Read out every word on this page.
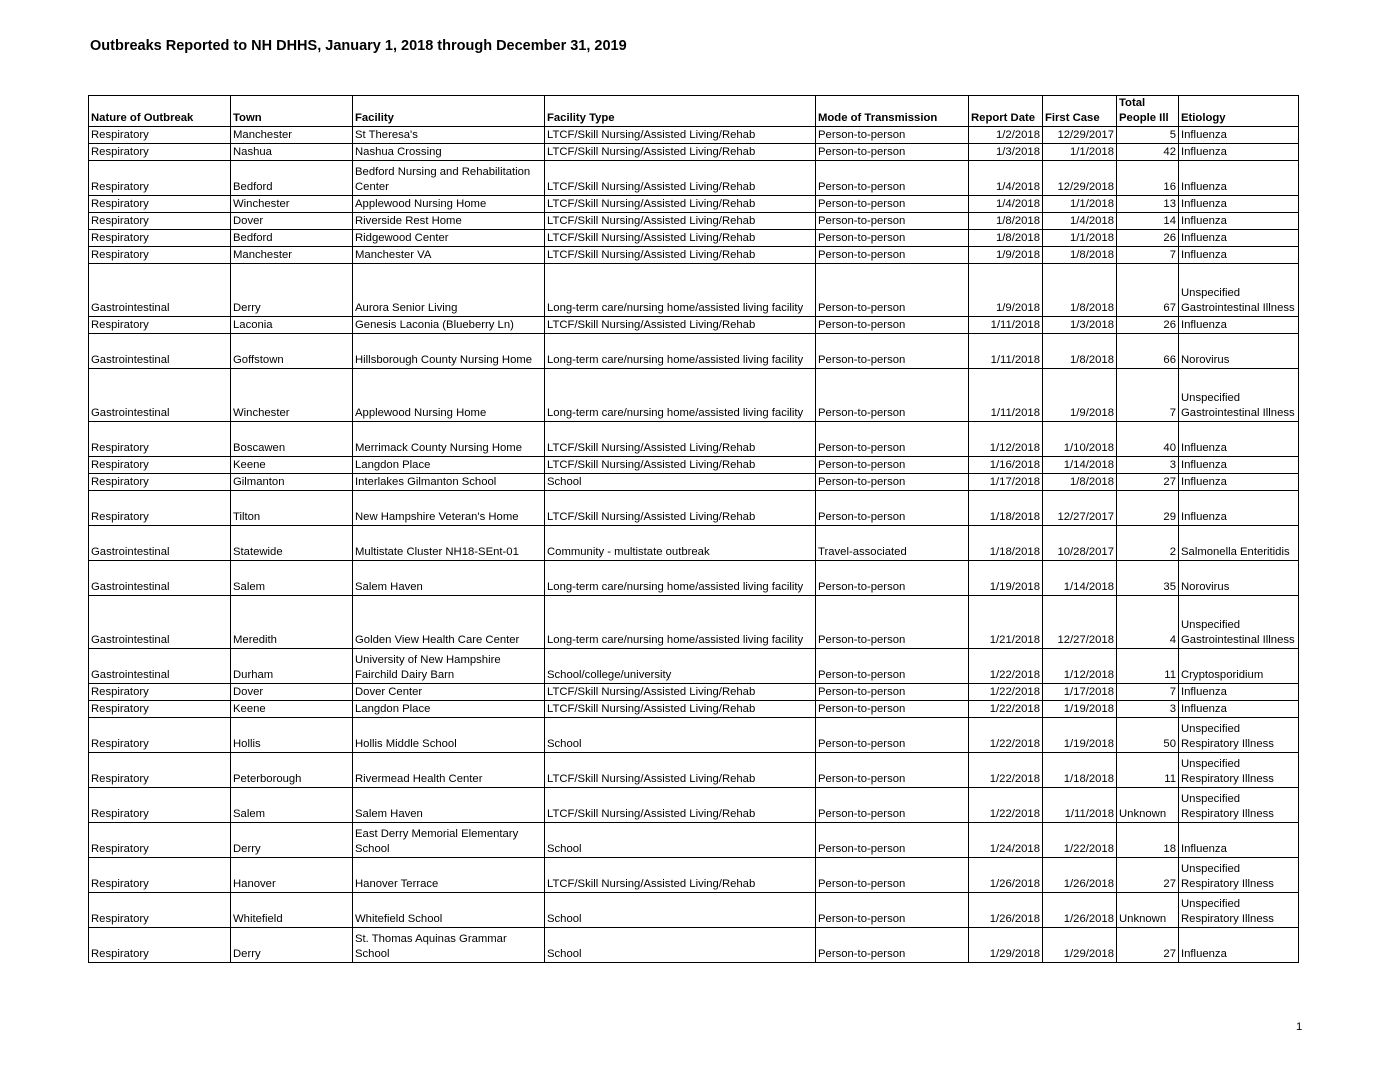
Outbreaks Reported to NH DHHS, January 1, 2018 through December 31, 2019
Nature of Outbreak	Town	Facility	Facility Type	Mode of Transmission	Report Date	First Case	Total People Ill	Etiology
Respiratory	Manchester	St Theresa's	LTCF/Skill Nursing/Assisted Living/Rehab	Person-to-person	1/2/2018	12/29/2017	5	Influenza
Respiratory	Nashua	Nashua Crossing	LTCF/Skill Nursing/Assisted Living/Rehab	Person-to-person	1/3/2018	1/1/2018	42	Influenza
Respiratory	Bedford	Bedford Nursing and Rehabilitation Center	LTCF/Skill Nursing/Assisted Living/Rehab	Person-to-person	1/4/2018	12/29/2018	16	Influenza
Respiratory	Winchester	Applewood Nursing Home	LTCF/Skill Nursing/Assisted Living/Rehab	Person-to-person	1/4/2018	1/1/2018	13	Influenza
Respiratory	Dover	Riverside Rest Home	LTCF/Skill Nursing/Assisted Living/Rehab	Person-to-person	1/8/2018	1/4/2018	14	Influenza
Respiratory	Bedford	Ridgewood Center	LTCF/Skill Nursing/Assisted Living/Rehab	Person-to-person	1/8/2018	1/1/2018	26	Influenza
Respiratory	Manchester	Manchester VA	LTCF/Skill Nursing/Assisted Living/Rehab	Person-to-person	1/9/2018	1/8/2018	7	Influenza
Gastrointestinal	Derry	Aurora Senior Living	Long-term care/nursing home/assisted living facility	Person-to-person	1/9/2018	1/8/2018	67	Unspecified Gastrointestinal Illness
Respiratory	Laconia	Genesis Laconia (Blueberry Ln)	LTCF/Skill Nursing/Assisted Living/Rehab	Person-to-person	1/11/2018	1/3/2018	26	Influenza
Gastrointestinal	Goffstown	Hillsborough County Nursing Home	Long-term care/nursing home/assisted living facility	Person-to-person	1/11/2018	1/8/2018	66	Norovirus
Gastrointestinal	Winchester	Applewood Nursing Home	Long-term care/nursing home/assisted living facility	Person-to-person	1/11/2018	1/9/2018	7	Unspecified Gastrointestinal Illness
Respiratory	Boscawen	Merrimack County Nursing Home	LTCF/Skill Nursing/Assisted Living/Rehab	Person-to-person	1/12/2018	1/10/2018	40	Influenza
Respiratory	Keene	Langdon Place	LTCF/Skill Nursing/Assisted Living/Rehab	Person-to-person	1/16/2018	1/14/2018	3	Influenza
Respiratory	Gilmanton	Interlakes Gilmanton School	School	Person-to-person	1/17/2018	1/8/2018	27	Influenza
Respiratory	Tilton	New Hampshire Veteran's Home	LTCF/Skill Nursing/Assisted Living/Rehab	Person-to-person	1/18/2018	12/27/2017	29	Influenza
Gastrointestinal	Statewide	Multistate Cluster NH18-SEnt-01	Community - multistate outbreak	Travel-associated	1/18/2018	10/28/2017	2	Salmonella Enteritidis
Gastrointestinal	Salem	Salem Haven	Long-term care/nursing home/assisted living facility	Person-to-person	1/19/2018	1/14/2018	35	Norovirus
Gastrointestinal	Meredith	Golden View Health Care Center	Long-term care/nursing home/assisted living facility	Person-to-person	1/21/2018	12/27/2018	4	Unspecified Gastrointestinal Illness
Gastrointestinal	Durham	University of New Hampshire Fairchild Dairy Barn	School/college/university	Person-to-person	1/22/2018	1/12/2018	11	Cryptosporidium
Respiratory	Dover	Dover Center	LTCF/Skill Nursing/Assisted Living/Rehab	Person-to-person	1/22/2018	1/17/2018	7	Influenza
Respiratory	Keene	Langdon Place	LTCF/Skill Nursing/Assisted Living/Rehab	Person-to-person	1/22/2018	1/19/2018	3	Influenza
Respiratory	Hollis	Hollis Middle School	School	Person-to-person	1/22/2018	1/19/2018	50	Unspecified Respiratory Illness
Respiratory	Peterborough	Rivermead Health Center	LTCF/Skill Nursing/Assisted Living/Rehab	Person-to-person	1/22/2018	1/18/2018	11	Unspecified Respiratory Illness
Respiratory	Salem	Salem Haven	LTCF/Skill Nursing/Assisted Living/Rehab	Person-to-person	1/22/2018	1/11/2018	Unknown	Unspecified Respiratory Illness
Respiratory	Derry	East Derry Memorial Elementary School	School	Person-to-person	1/24/2018	1/22/2018	18	Influenza
Respiratory	Hanover	Hanover Terrace	LTCF/Skill Nursing/Assisted Living/Rehab	Person-to-person	1/26/2018	1/26/2018	27	Unspecified Respiratory Illness
Respiratory	Whitefield	Whitefield School	School	Person-to-person	1/26/2018	1/26/2018	Unknown	Unspecified Respiratory Illness
Respiratory	Derry	St. Thomas Aquinas Grammar School	School	Person-to-person	1/29/2018	1/29/2018	27	Influenza
1
